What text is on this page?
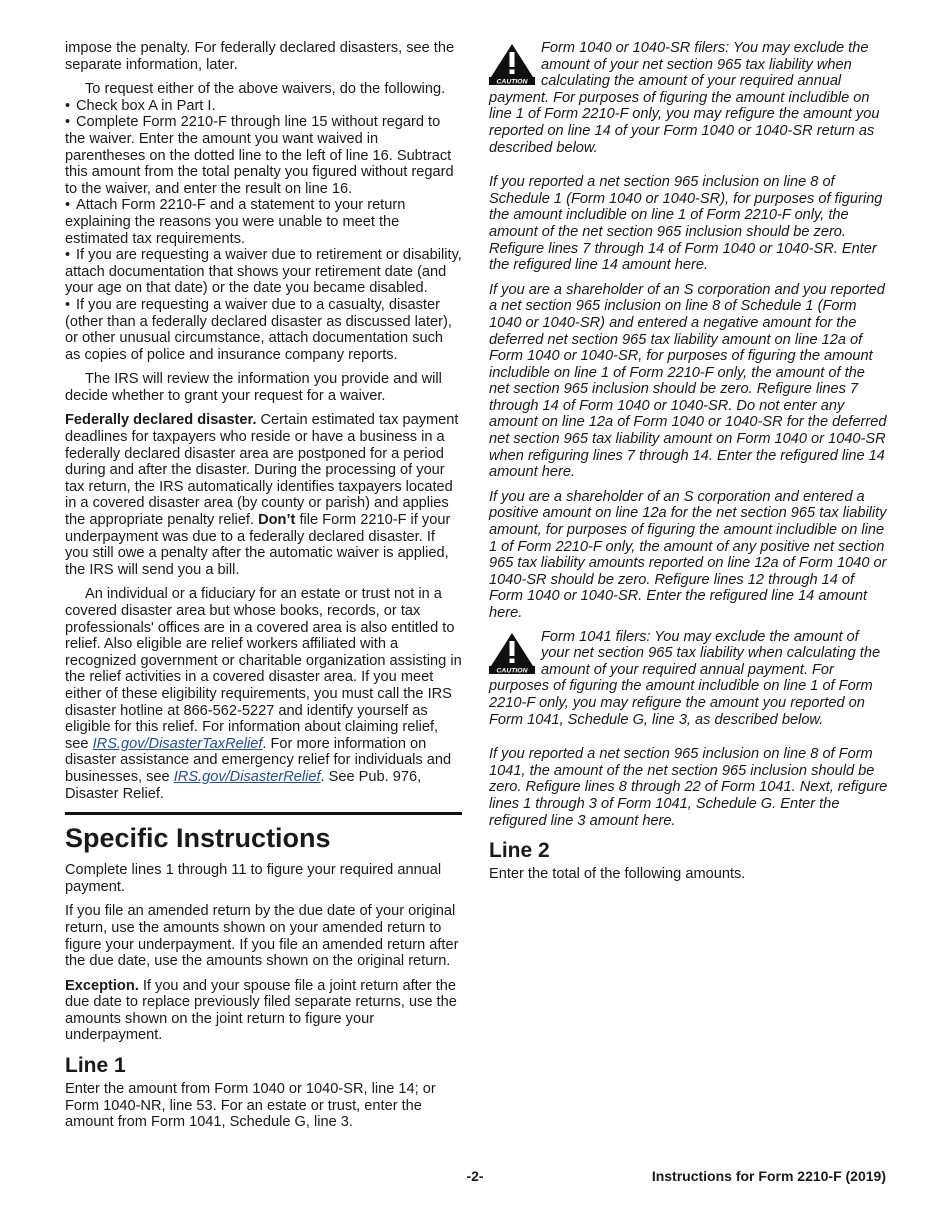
impose the penalty. For federally declared disasters, see the separate information, later.

To request either of the above waivers, do the following.

• Check box A in Part I.

• Complete Form 2210-F through line 15 without regard to the waiver. Enter the amount you want waived in parentheses on the dotted line to the left of line 16. Subtract this amount from the total penalty you figured without regard to the waiver, and enter the result on line 16.

• Attach Form 2210-F and a statement to your return explaining the reasons you were unable to meet the estimated tax requirements.

• If you are requesting a waiver due to retirement or disability, attach documentation that shows your retirement date (and your age on that date) or the date you became disabled.

• If you are requesting a waiver due to a casualty, disaster (other than a federally declared disaster as discussed later), or other unusual circumstance, attach documentation such as copies of police and insurance company reports.

The IRS will review the information you provide and will decide whether to grant your request for a waiver.

Federally declared disaster. Certain estimated tax payment deadlines for taxpayers who reside or have a business in a federally declared disaster area are postponed for a period during and after the disaster. During the processing of your tax return, the IRS automatically identifies taxpayers located in a covered disaster area (by county or parish) and applies the appropriate penalty relief. Don’t file Form 2210-F if your underpayment was due to a federally declared disaster. If you still owe a penalty after the automatic waiver is applied, the IRS will send you a bill.

An individual or a fiduciary for an estate or trust not in a covered disaster area but whose books, records, or tax professionals' offices are in a covered area is also entitled to relief. Also eligible are relief workers affiliated with a recognized government or charitable organization assisting in the relief activities in a covered disaster area. If you meet either of these eligibility requirements, you must call the IRS disaster hotline at 866-562-5227 and identify yourself as eligible for this relief. For information about claiming relief, see IRS.gov/DisasterTaxRelief. For more information on disaster assistance and emergency relief for individuals and businesses, see IRS.gov/DisasterRelief. See Pub. 976, Disaster Relief.

Specific Instructions

Complete lines 1 through 11 to figure your required annual payment.

If you file an amended return by the due date of your original return, use the amounts shown on your amended return to figure your underpayment. If you file an amended return after the due date, use the amounts shown on the original return.

Exception. If you and your spouse file a joint return after the due date to replace previously filed separate returns, use the amounts shown on the joint return to figure your underpayment.

Line 1

Enter the amount from Form 1040 or 1040-SR, line 14; or Form 1040-NR, line 53. For an estate or trust, enter the amount from Form 1041, Schedule G, line 3.

CAUTION
Form 1040 or 1040-SR filers: You may exclude the amount of your net section 965 tax liability when calculating the amount of your required annual payment. For purposes of figuring the amount includible on line 1 of Form 2210-F only, you may refigure the amount you reported on line 14 of your Form 1040 or 1040-SR return as described below.

If you reported a net section 965 inclusion on line 8 of Schedule 1 (Form 1040 or 1040-SR), for purposes of figuring the amount includible on line 1 of Form 2210-F only, the amount of the net section 965 inclusion should be zero. Refigure lines 7 through 14 of Form 1040 or 1040-SR. Enter the refigured line 14 amount here.

If you are a shareholder of an S corporation and you reported a net section 965 inclusion on line 8 of Schedule 1 (Form 1040 or 1040-SR) and entered a negative amount for the deferred net section 965 tax liability amount on line 12a of Form 1040 or 1040-SR, for purposes of figuring the amount includible on line 1 of Form 2210-F only, the amount of the net section 965 inclusion should be zero. Refigure lines 7 through 14 of Form 1040 or 1040-SR. Do not enter any amount on line 12a of Form 1040 or 1040-SR for the deferred net section 965 tax liability amount on Form 1040 or 1040-SR when refiguring lines 7 through 14. Enter the refigured line 14 amount here.

If you are a shareholder of an S corporation and entered a positive amount on line 12a for the net section 965 tax liability amount, for purposes of figuring the amount includible on line 1 of Form 2210-F only, the amount of any positive net section 965 tax liability amounts reported on line 12a of Form 1040 or 1040-SR should be zero. Refigure lines 12 through 14 of Form 1040 or 1040-SR. Enter the refigured line 14 amount here.

CAUTION
Form 1041 filers: You may exclude the amount of your net section 965 tax liability when calculating the amount of your required annual payment. For purposes of figuring the amount includible on line 1 of Form 2210-F only, you may refigure the amount you reported on Form 1041, Schedule G, line 3, as described below.

If you reported a net section 965 inclusion on line 8 of Form 1041, the amount of the net section 965 inclusion should be zero. Refigure lines 8 through 22 of Form 1041. Next, refigure lines 1 through 3 of Form 1041, Schedule G. Enter the refigured line 3 amount here.

Line 2

Enter the total of the following amounts.

-2-	Instructions for Form 2210-F (2019)
